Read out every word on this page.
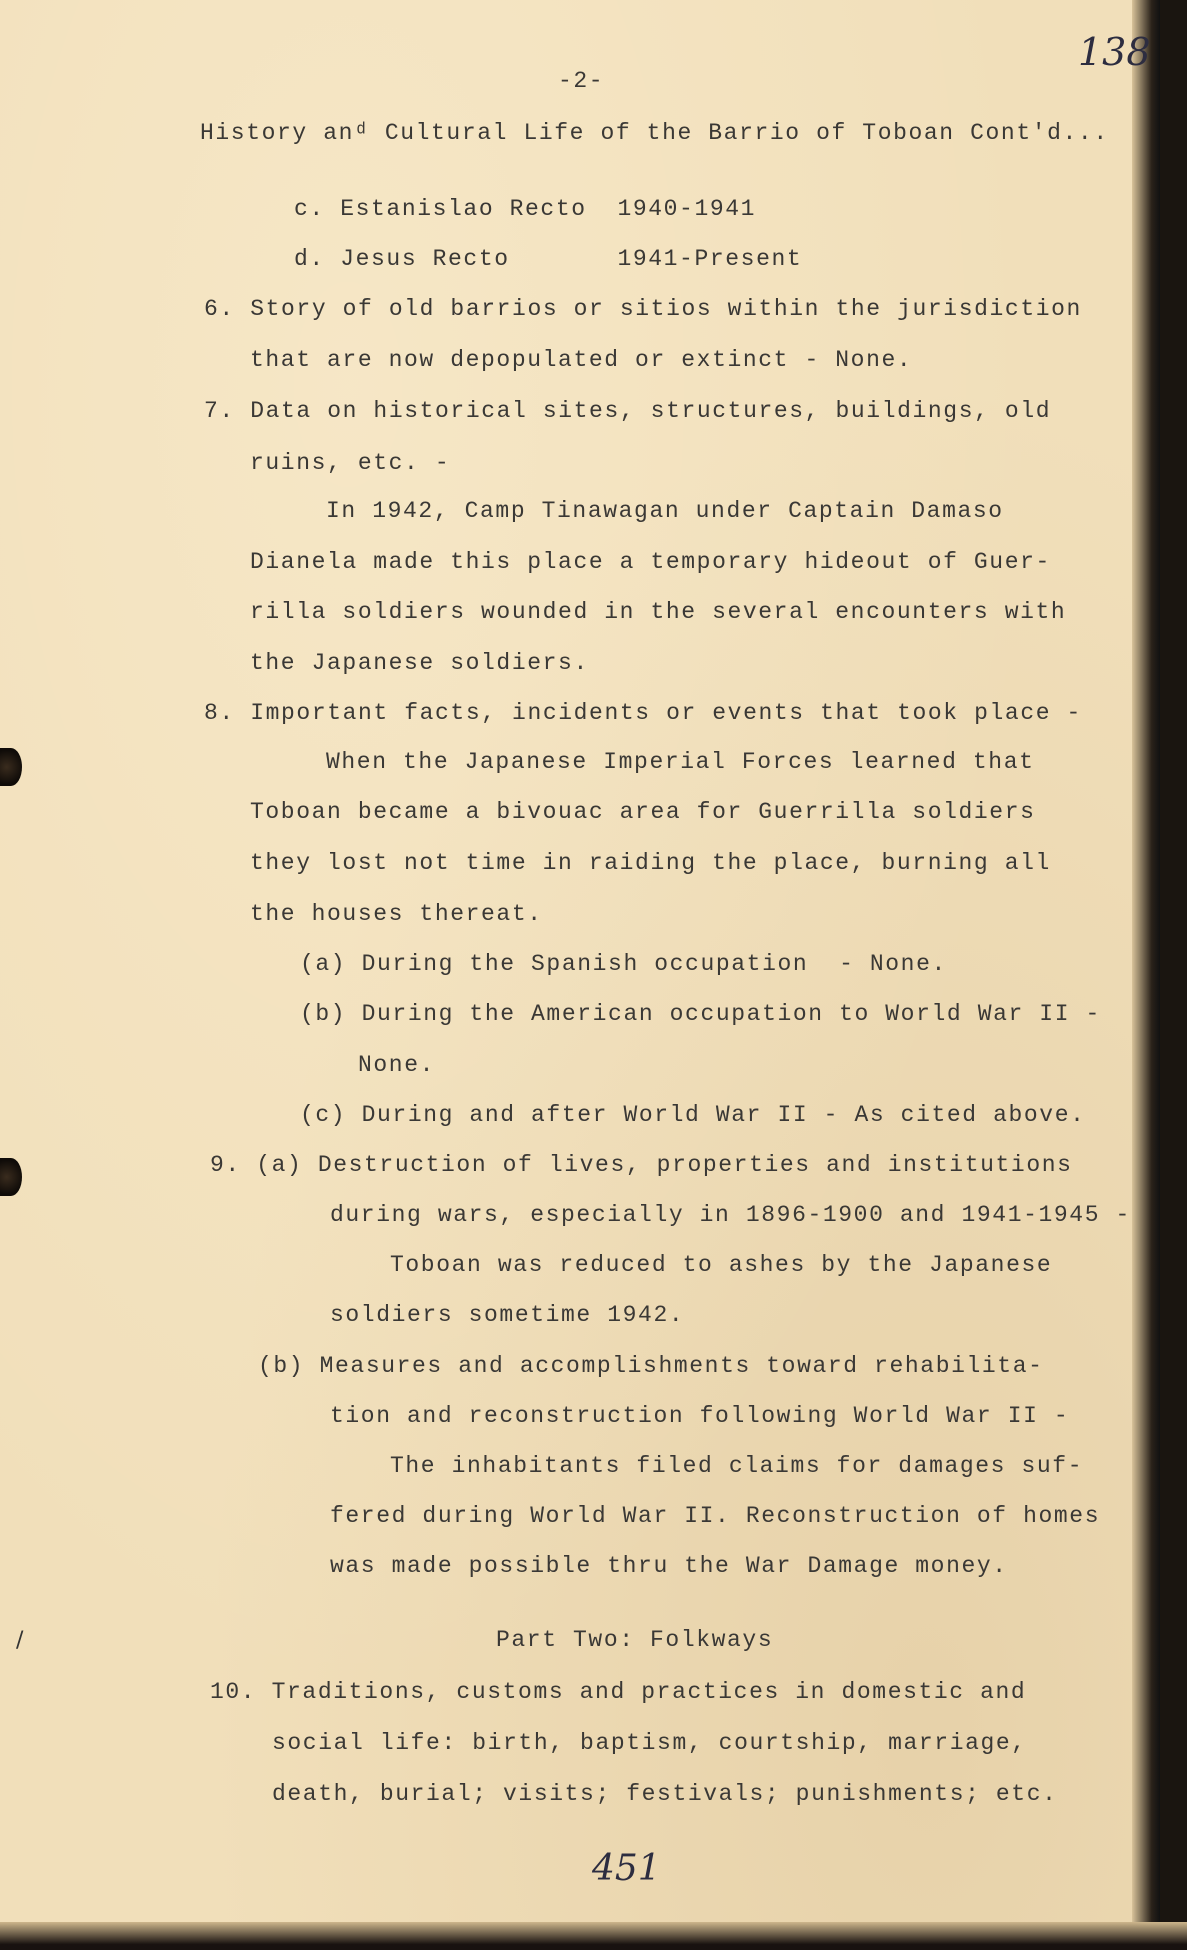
138
-2-
History anᵈ Cultural Life of the Barrio of Toboan Cont'd...
c. Estanislao Recto  1940-1941
d. Jesus Recto       1941-Present
6. Story of old barrios or sitios within the jurisdiction
that are now depopulated or extinct - None.
7. Data on historical sites, structures, buildings, old
ruins, etc. -
In 1942, Camp Tinawagan under Captain Damaso
Dianela made this place a temporary hideout of Guer-
rilla soldiers wounded in the several encounters with
the Japanese soldiers.
8. Important facts, incidents or events that took place -
When the Japanese Imperial Forces learned that
Toboan became a bivouac area for Guerrilla soldiers
they lost not time in raiding the place, burning all
the houses thereat.
(a) During the Spanish occupation  - None.
(b) During the American occupation to World War II -
None.
(c) During and after World War II - As cited above.
9. (a) Destruction of lives, properties and institutions
during wars, especially in 1896-1900 and 1941-1945 -
Toboan was reduced to ashes by the Japanese
soldiers sometime 1942.
(b) Measures and accomplishments toward rehabilita-
tion and reconstruction following World War II -
The inhabitants filed claims for damages suf-
fered during World War II. Reconstruction of homes
was made possible thru the War Damage money.
Part Two: Folkways
/
10. Traditions, customs and practices in domestic and
social life: birth, baptism, courtship, marriage,
death, burial; visits; festivals; punishments; etc.
451
